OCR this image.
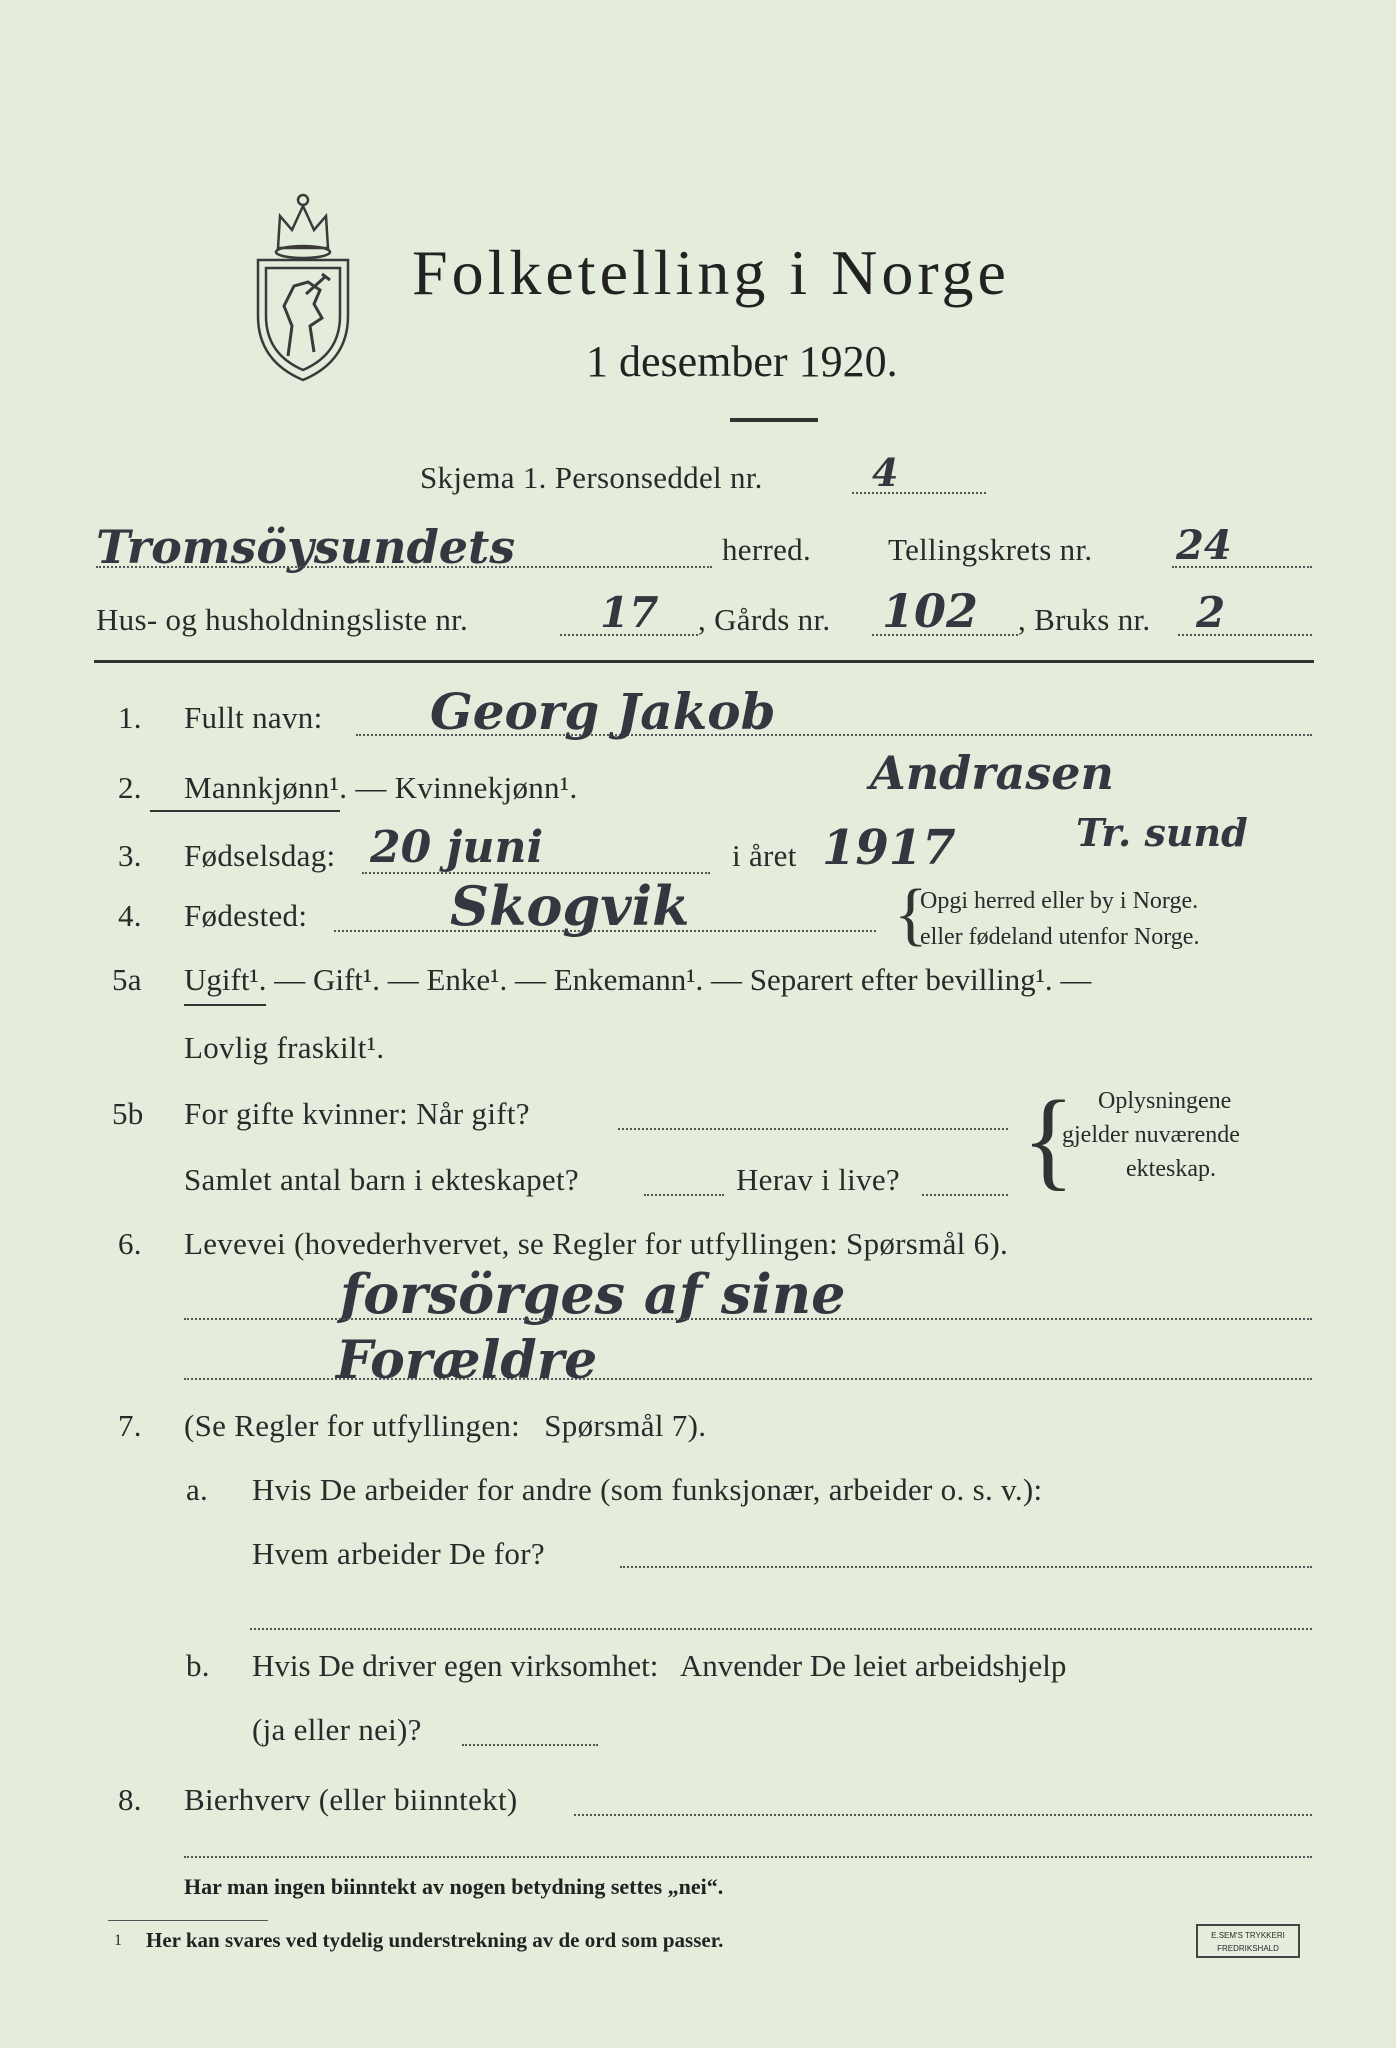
Folketelling i Norge
1 desember 1920.
Skjema 1. Personseddel nr.	4
Tromsöysundets	herred. Tellingskrets nr. 24
Hus- og husholdningsliste nr.	17 , Gårds nr. 102 , Bruks nr. 2
1. Fullt navn: Georg Jakob
Andrasen
2. Mannkjønn¹. — Kvinnekjønn¹.
3. Fødselsdag: 20 juni	i året 1917	Tr. sund
4. Fødested:	Skogvik	{
Opgi herred eller by i Norge.
eller fødeland utenfor Norge.
5a Ugift¹. — Gift¹. — Enke¹. — Enkemann¹. — Separert efter bevilling¹. —
Lovlig fraskilt¹.
5b For gifte kvinner: Når gift?
Samlet antal barn i ekteskapet?	Herav i live? { Oplysningene
gjelder nuværende
ekteskap.
6. Levevei (hovederhvervet, se Regler for utfyllingen: Spørsmål 6).
forsörges af sine
Forældre
7. (Se Regler for utfyllingen:   Spørsmål 7).
a. Hvis De arbeider for andre (som funksjonær, arbeider o. s. v.):
Hvem arbeider De for?
b. Hvis De driver egen virksomhet:   Anvender De leiet arbeidshjelp
(ja eller nei)?
8. Bierhverv (eller biinntekt)
Har man ingen biinntekt av nogen betydning settes „nei“.
1 Her kan svares ved tydelig understrekning av de ord som passer.	E.SEM'S TRYKKERI
FREDRIKSHALD
